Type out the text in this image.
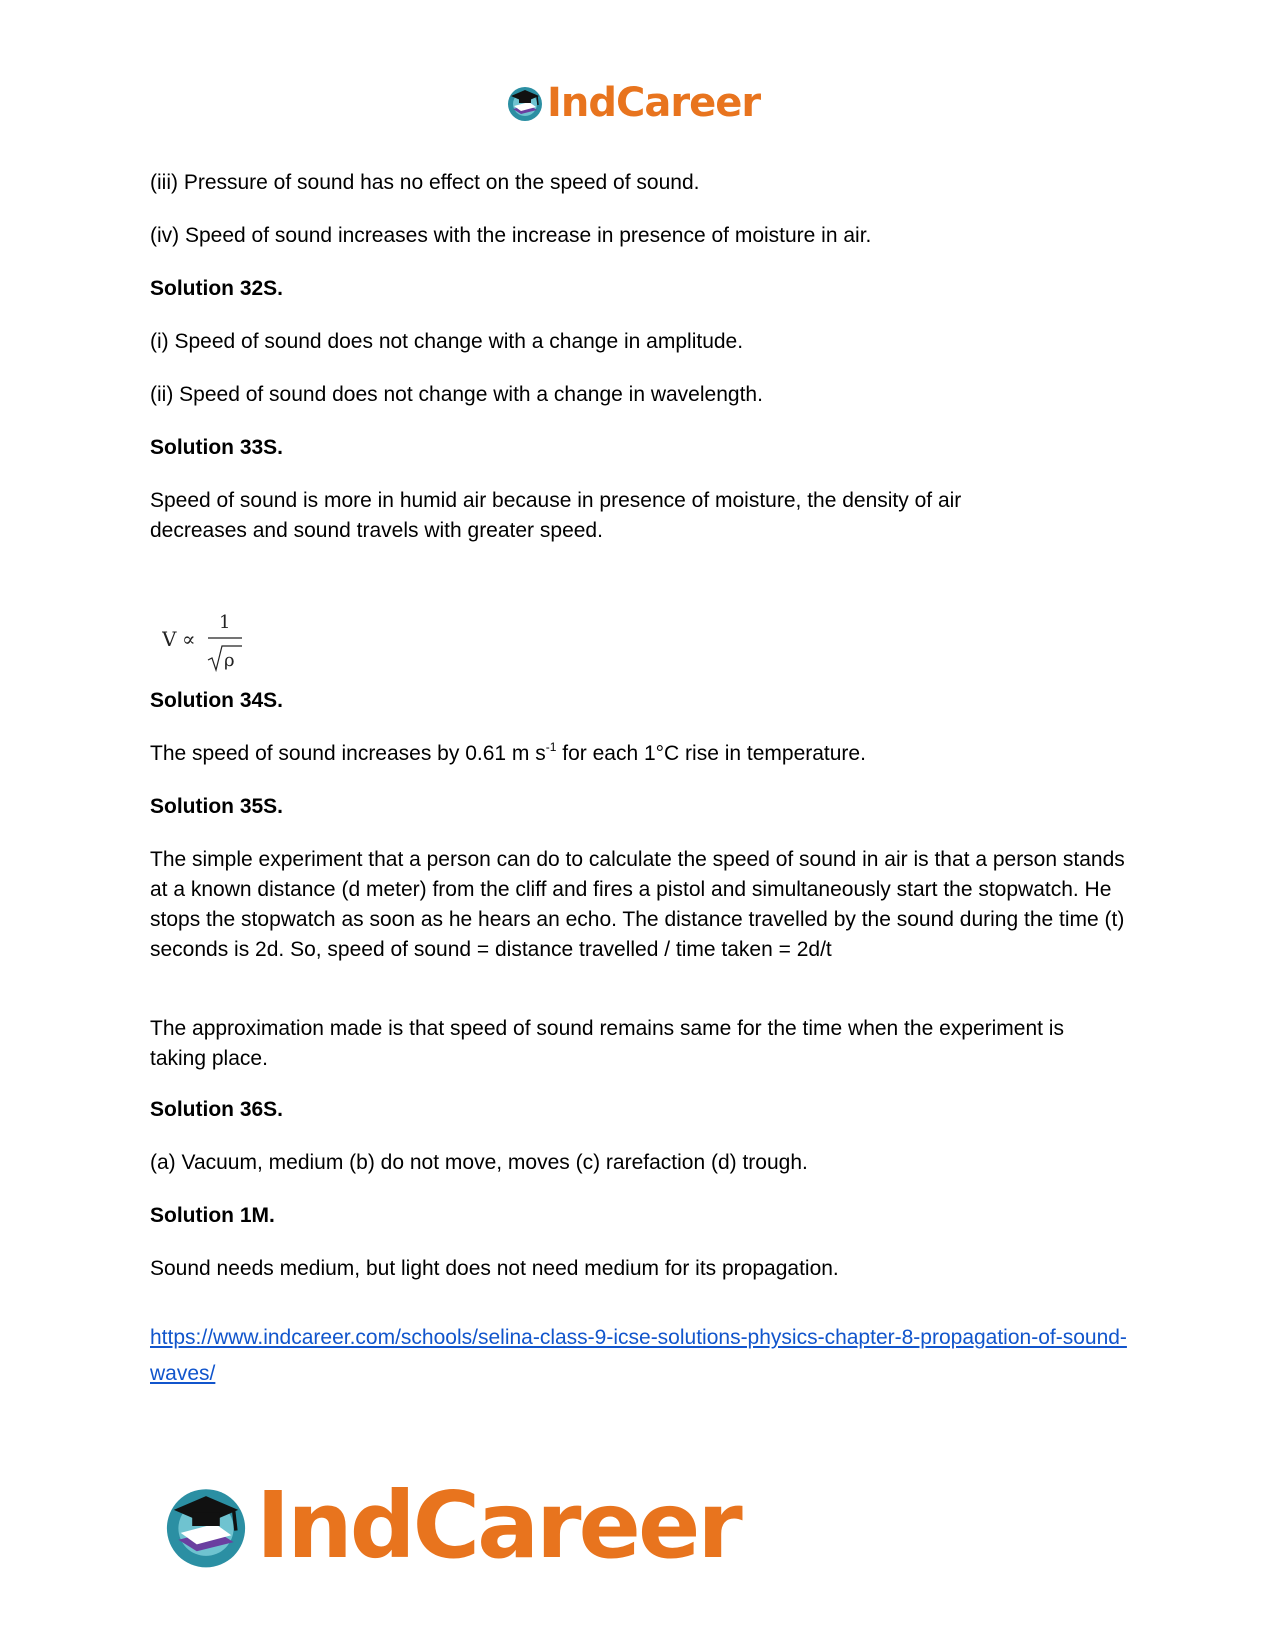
IndCareer

(iii) Pressure of sound has no effect on the speed of sound.

(iv) Speed of sound increases with the increase in presence of moisture in air.

Solution 32S.

(i) Speed of sound does not change with a change in amplitude.

(ii) Speed of sound does not change with a change in wavelength.

Solution 33S.

Speed of sound is more in humid air because in presence of moisture, the density of air decreases and sound travels with greater speed.

V ∝
1
ρ

Solution 34S.

The speed of sound increases by 0.61 m $s^{-1}$ for each 1°C rise in temperature.

Solution 35S.

The simple experiment that a person can do to calculate the speed of sound in air is that a person stands at a known distance (d meter) from the cliff and fires a pistol and simultaneously start the stopwatch. He stops the stopwatch as soon as he hears an echo. The distance travelled by the sound during the time (t) seconds is 2d. So, speed of sound = distance travelled / time taken = 2d/t

The approximation made is that speed of sound remains same for the time when the experiment is taking place.

Solution 36S.

(a) Vacuum, medium (b) do not move, moves (c) rarefaction (d) trough.

Solution 1M.

Sound needs medium, but light does not need medium for its propagation.

https://www.indcareer.com/schools/selina-class-9-icse-solutions-physics-chapter-8-propagation-of-sound-waves/
IndCareer
